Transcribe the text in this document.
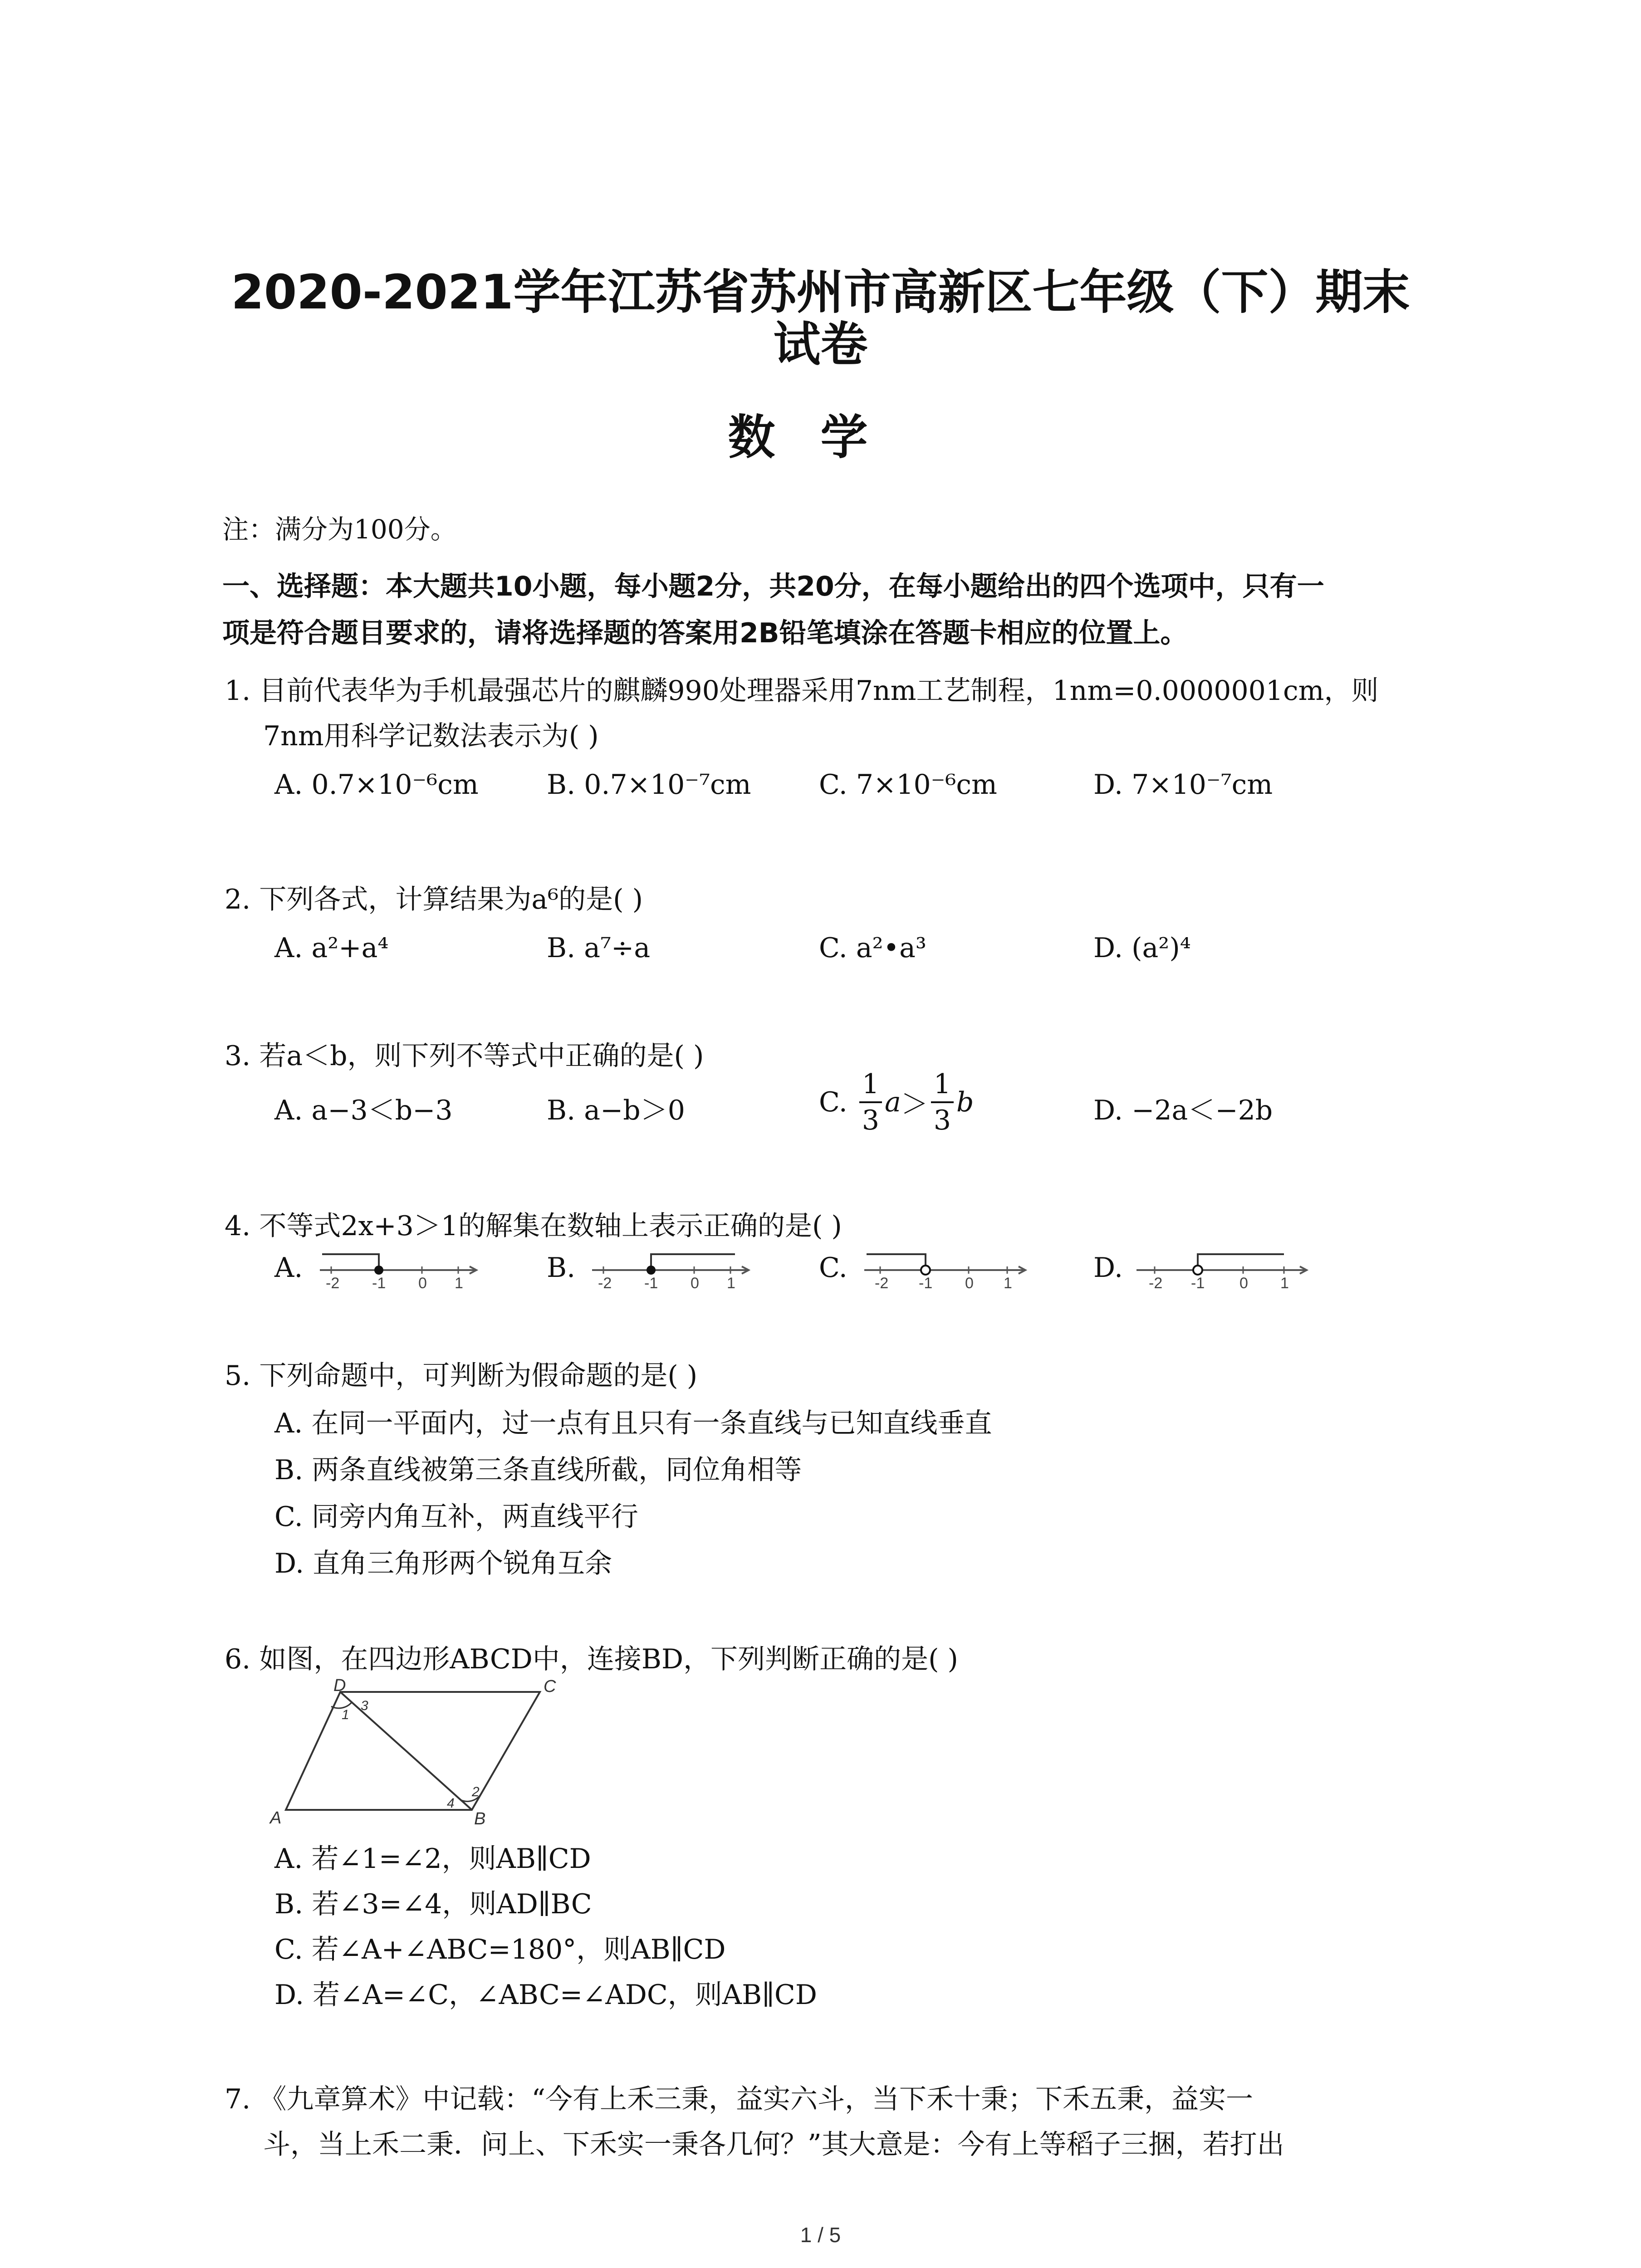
2020-2021学年江苏省苏州市高新区七年级（下）期末
试卷
数学
注：满分为100分。
一、选择题：本大题共10小题，每小题2分，共20分，在每小题给出的四个选项中，只有一
项是符合题目要求的，请将选择题的答案用2B铅笔填涂在答题卡相应的位置上。
1. 目前代表华为手机最强芯片的麒麟990处理器采用7nm工艺制程，1nm=0.0000001cm，则
7nm用科学记数法表示为( )
A. 0.7×10⁻⁶cm	B. 0.7×10⁻⁷cm C. 7×10⁻⁶cm	D. 7×10⁻⁷cm
2. 下列各式，计算结果为a⁶的是( )
A. a²+a⁴	B. a⁷÷a	C. a²•a³	D. (a²)⁴
3. 若a＜b，则下列不等式中正确的是( )
A. a−3＜b−3	B. a−b＞0	C. $\frac{1}{3}$ $a > \frac{1}{3}$ b	D. −2a＜−2b
4. 不等式2x+3＞1的解集在数轴上表示正确的是( )
A. -2 -1 0 1	B. -2 -1 0 1	C. -2 -1 0 1	D. -2 -1 0 1
5. 下列命题中，可判断为假命题的是( )
A. 在同一平面内，过一点有且只有一条直线与已知直线垂直
B. 两条直线被第三条直线所截，同位角相等
C. 同旁内角互补，两直线平行
D. 直角三角形两个锐角互余
6. 如图，在四边形ABCD中，连接BD，下列判断正确的是( )
D	C
A	B
1
2
3
4
A. 若∠1=∠2，则AB∥CD
B. 若∠3=∠4，则AD∥BC
C. 若∠A+∠ABC=180°，则AB∥CD
D. 若∠A=∠C，∠ABC=∠ADC，则AB∥CD
7. 《九章算术》中记载：“今有上禾三秉，益实六斗，当下禾十秉；下禾五秉，益实一
斗，当上禾二秉．问上、下禾实一秉各几何？”其大意是：今有上等稻子三捆，若打出
1 / 5
